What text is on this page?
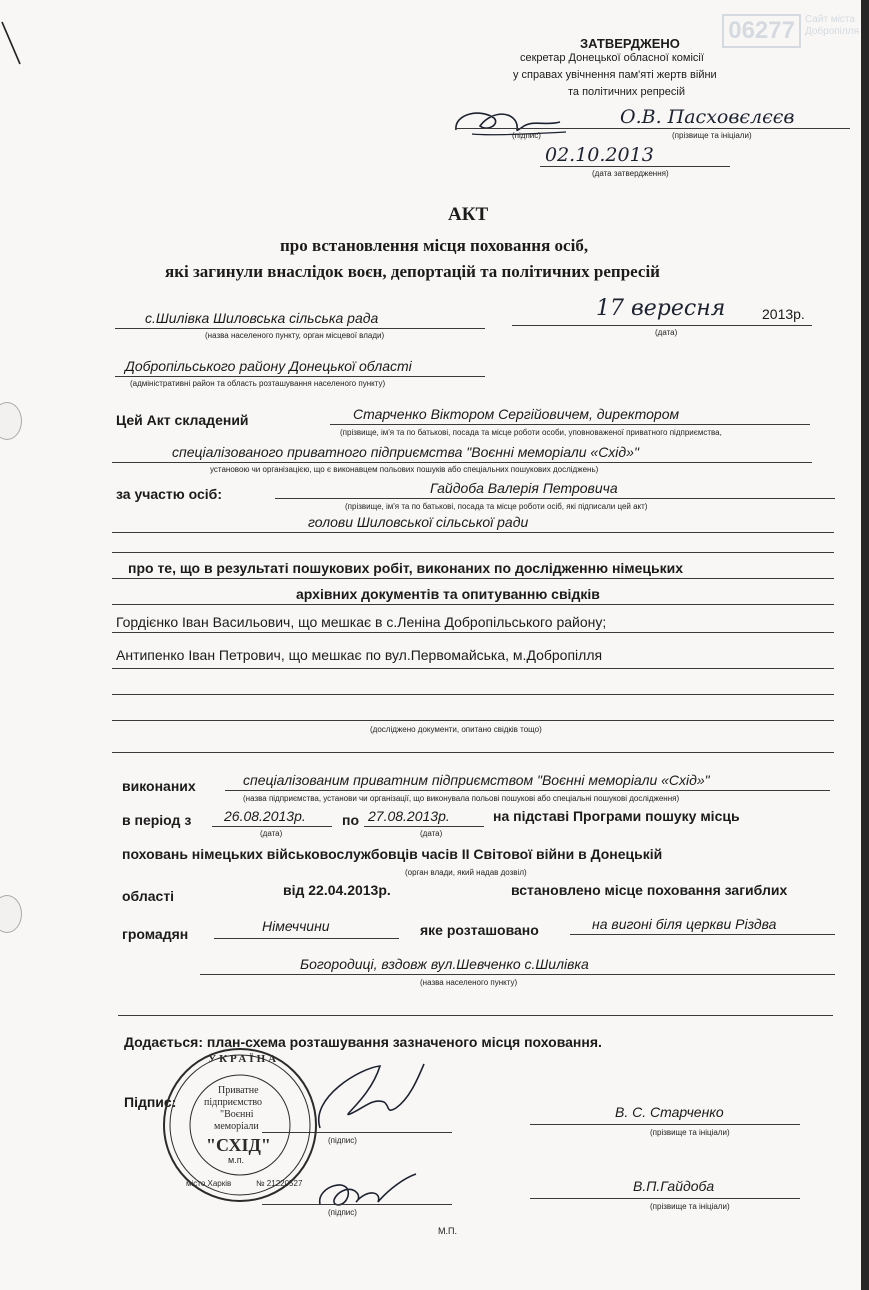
06277	Сайт міста
Добропілля
ЗАТВЕРДЖЕНО
секретар Донецької обласної комісії
у справах увічнення пам'яті жертв війни
та політичних репресій
(підпис)
О.В. Пасховєлєєв
(прізвище та ініціали)
02.10.2013
(дата затвердження)
АКТ
про встановлення місця поховання осіб,
які загинули внаслідок воєн, депортацій та політичних репресій
с.Шилівка Шиловська сільська рада
(назва населеного пункту, орган місцевої влади)
17 вересня	2013р.
(дата)
Добропільського району Донецької області
(адміністративні район та область розташування населеного пункту)
Цей Акт складений	Старченко Віктором Сергійовичем, директором
(прізвище, ім'я та по батькові, посада та місце роботи особи, уповноваженої приватного підприємства,
спеціалізованого приватного підприємства "Воєнні меморіали «Схід»"
установою чи організацією, що є виконавцем польових пошуків або спеціальних пошукових досліджень)
за участю осіб:	Гайдоба Валерія Петровича
(прізвище, ім'я та по батькові, посада та місце роботи осіб, які підписали цей акт)
голови Шиловської сільської ради
про те, що в результаті пошукових робіт, виконаних по дослідженню німецьких
архівних документів та опитуванню свідків
Гордієнко Іван Васильович, що мешкає в с.Леніна Добропільського району;
Антипенко Іван Петрович, що мешкає по вул.Первомайська, м.Добропілля
(досліджено документи, опитано свідків тощо)
виконаних	спеціалізованим приватним підприємством "Воєнні меморіали «Схід»"
(назва підприємства, установи чи організації, що виконувала польові пошукові або спеціальні пошукові дослідження)
в період з 26.08.2013р.
(дата)
по 27.08.2013р.
(дата)
на підставі Програми пошуку місць
поховань німецьких військовослужбовців часів ІІ Світової війни в Донецькій
(орган влади, який надав дозвіл)
області	від 22.04.2013р.	встановлено місце поховання загиблих
громадян	Німеччини	яке розташовано	на вигоні біля церкви Різдва
Богородиці, вздовж вул.Шевченко с.Шилівка
(назва населеного пункту)
Додається: план-схема розташування зазначеного місця поховання.
Підпис:
(підпис)
В. С. Старченко
(прізвище та ініціали)
(підпис)
В.П.Гайдоба
(прізвище та ініціали)
М.П.
УКРАЇНА
Приватне
підприємство
"Воєнні
меморіали
"СХІД"
м.п.
місто Харків	№ 21220527
